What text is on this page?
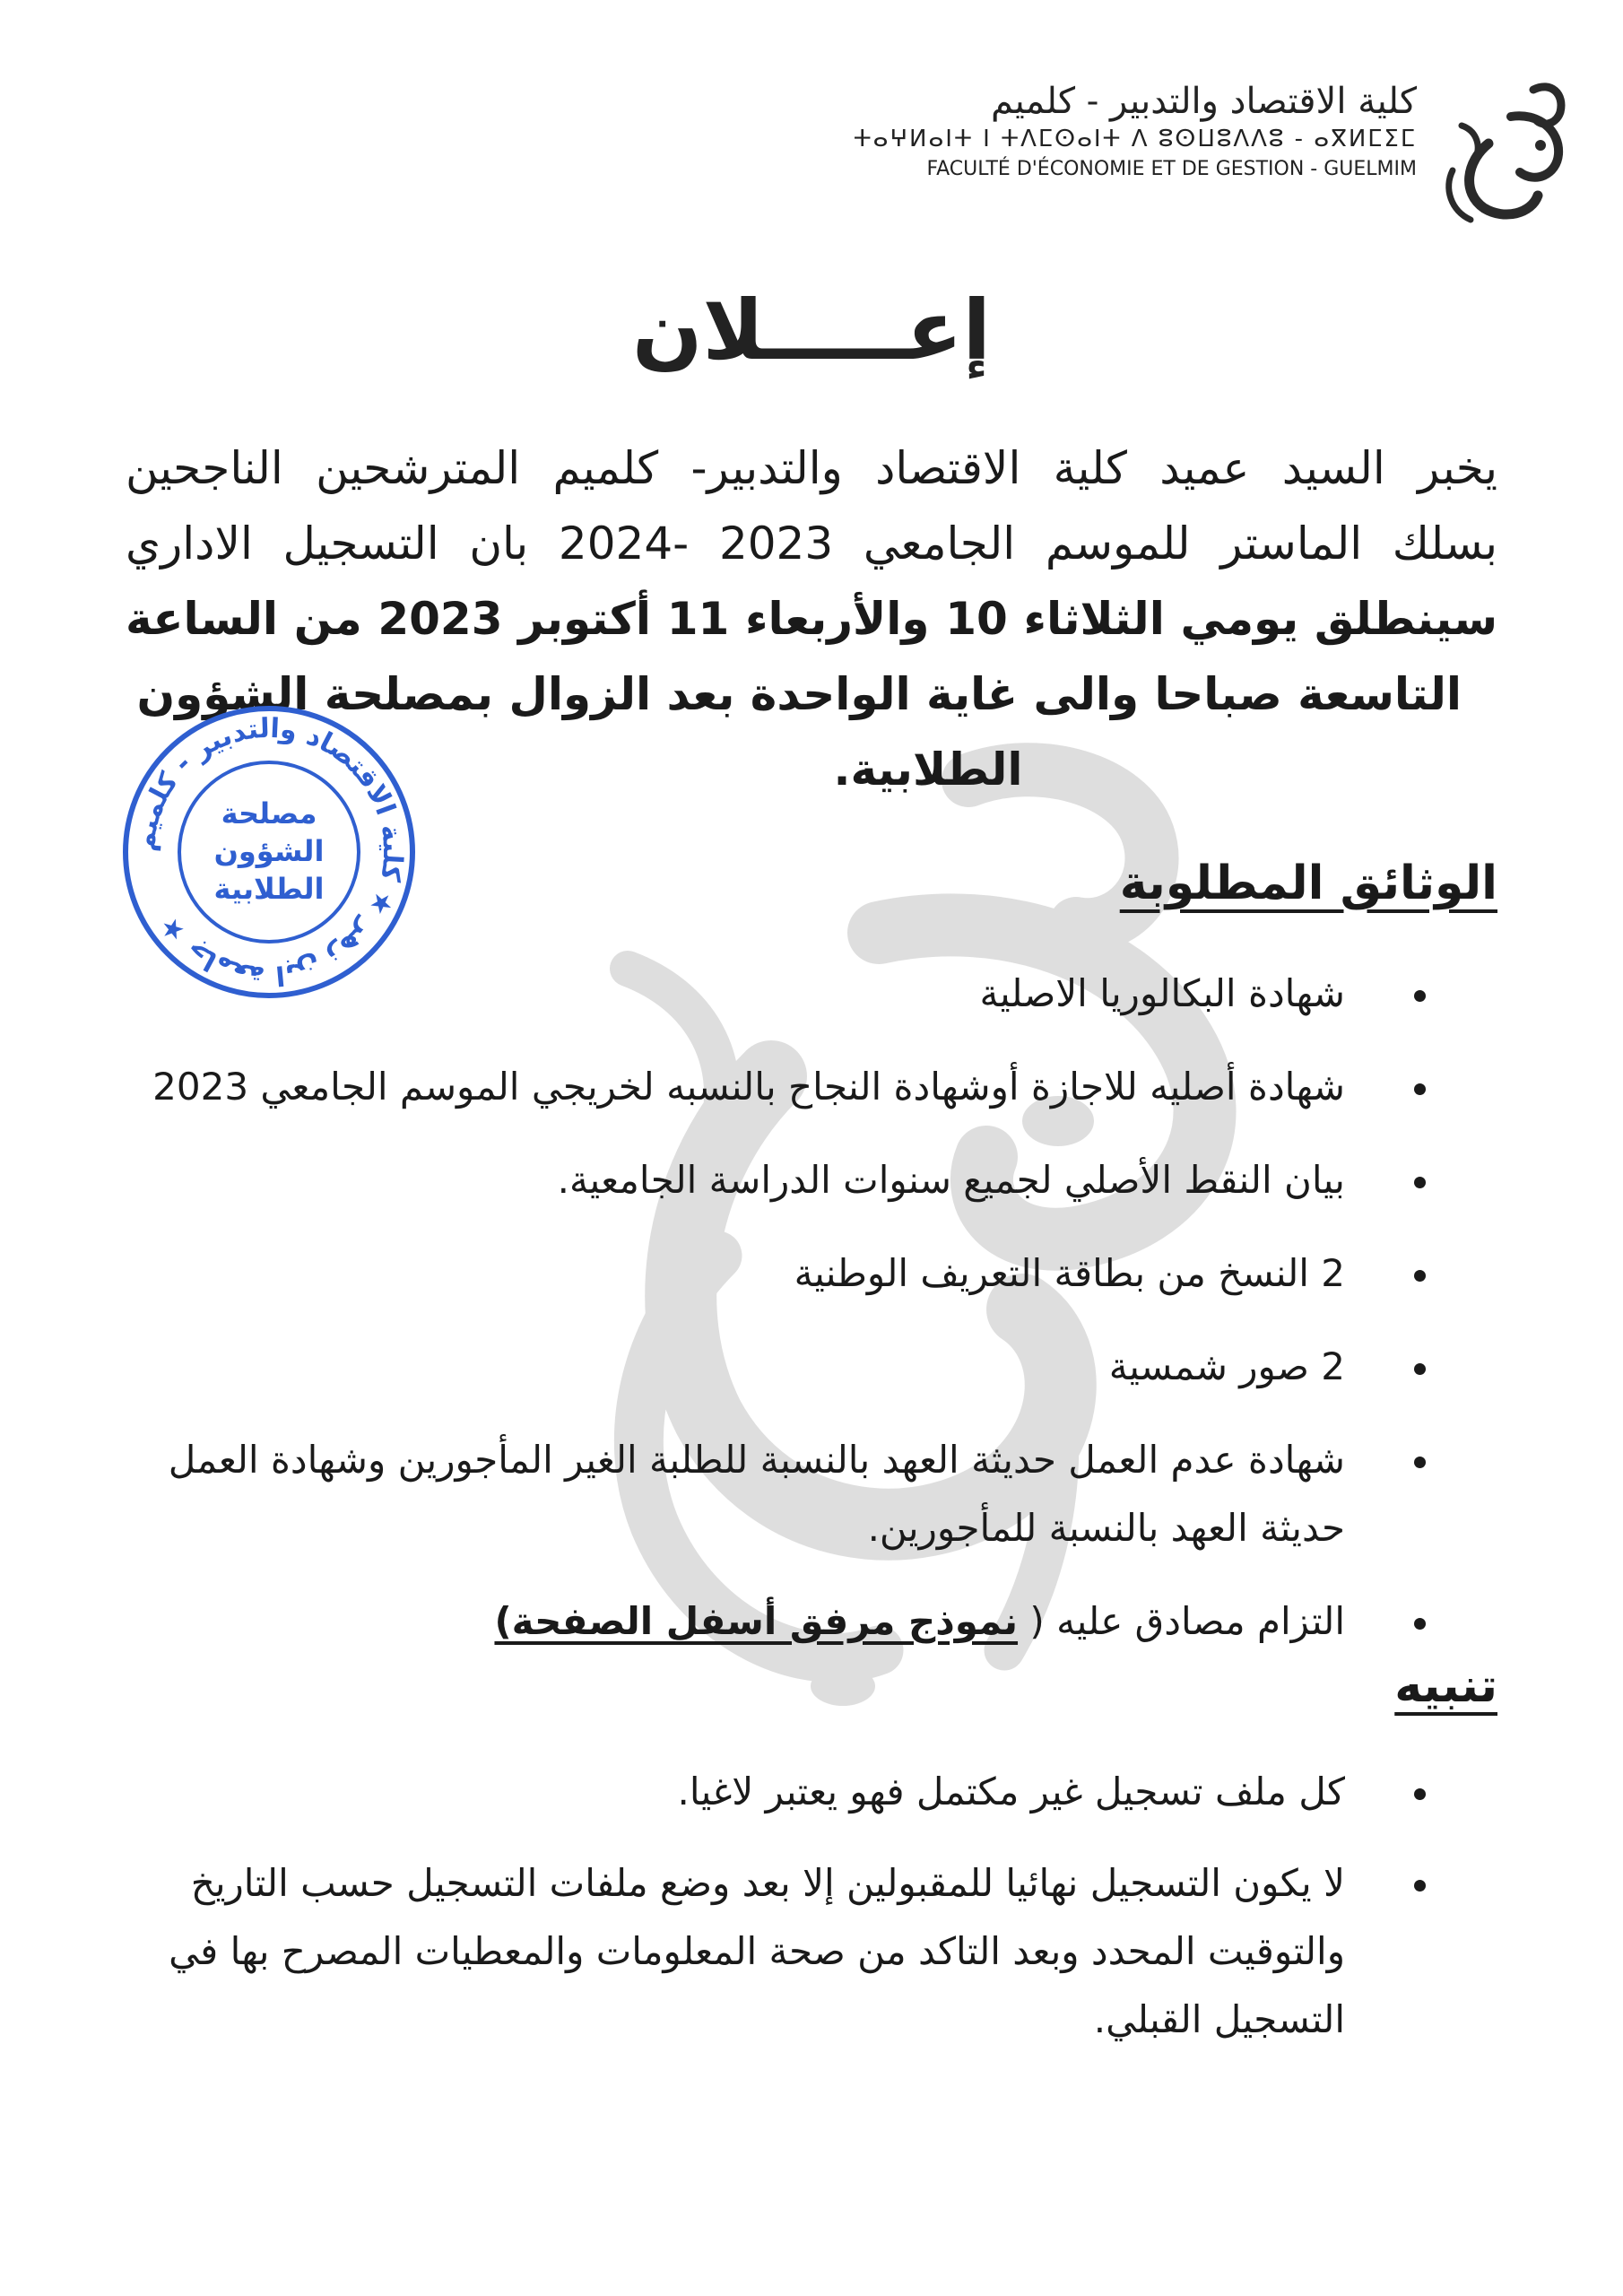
كلية الاقتصاد والتدبير - كلميم
ⵜⴰⵖⵍⴰⵏⵜ ⵏ ⵜⴷⵎⵙⴰⵏⵜ ⴷ ⵓⵙⵡⵓⴷⴷⵓ - ⴰⴳⵍⵎⵉⵎ
FACULTÉ D'ÉCONOMIE ET DE GESTION - GUELMIM
إعـــــلان
يخبر السيد عميد كلية الاقتصاد والتدبير- كلميم المترشحين الناجحين
بسلك الماستر للموسم الجامعي 2023 -2024 بان التسجيل الاداري
سينطلق يومي الثلاثاء 10 والأربعاء 11 أكتوبر 2023 من الساعة
التاسعة صباحا والى غاية الواحدة بعد الزوال بمصلحة الشؤون
الطلابية.
جامعة ابن زهر ★ كلية الاقتصاد والتدبير - كلميم ★
مصلحة
الشؤون
الطلابية	الوثائق المطلوبة
شهادة البكالوريا الاصلية
شهادة أصليه للاجازة أوشهادة النجاح بالنسبه لخريجي الموسم الجامعي 2023
بيان النقط الأصلي لجميع سنوات الدراسة الجامعية.
2 النسخ من بطاقة التعريف الوطنية
2 صور شمسية
شهادة عدم العمل حديثة العهد بالنسبة للطلبة الغير المأجورين وشهادة العمل حديثة العهد بالنسبة للمأجورين.
التزام مصادق عليه ( نموذج مرفق أسفل الصفحة)
تنبيه
كل ملف تسجيل غير مكتمل فهو يعتبر لاغيا.
لا يكون التسجيل نهائيا للمقبولين إلا بعد وضع ملفات التسجيل حسب التاريخ والتوقيت المحدد وبعد التاكد من صحة المعلومات والمعطيات المصرح بها في التسجيل القبلي.
